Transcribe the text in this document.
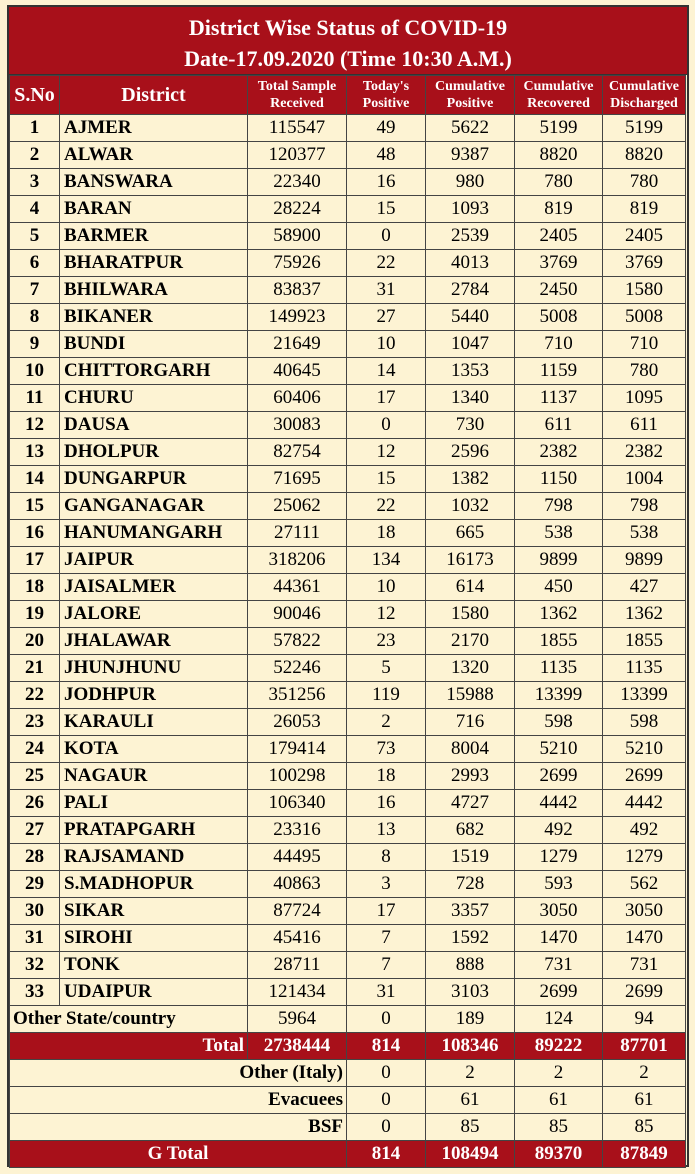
District Wise Status of COVID-19
Date-17.09.2020 (Time 10:30 A.M.)
S.No	District	Total Sample Received	Today's Positive	Cumulative Positive	Cumulative Recovered	Cumulative Discharged
1	AJMER	115547	49	5622	5199	5199
2	ALWAR	120377	48	9387	8820	8820
3	BANSWARA	22340	16	980	780	780
4	BARAN	28224	15	1093	819	819
5	BARMER	58900	0	2539	2405	2405
6	BHARATPUR	75926	22	4013	3769	3769
7	BHILWARA	83837	31	2784	2450	1580
8	BIKANER	149923	27	5440	5008	5008
9	BUNDI	21649	10	1047	710	710
10	CHITTORGARH	40645	14	1353	1159	780
11	CHURU	60406	17	1340	1137	1095
12	DAUSA	30083	0	730	611	611
13	DHOLPUR	82754	12	2596	2382	2382
14	DUNGARPUR	71695	15	1382	1150	1004
15	GANGANAGAR	25062	22	1032	798	798
16	HANUMANGARH	27111	18	665	538	538
17	JAIPUR	318206	134	16173	9899	9899
18	JAISALMER	44361	10	614	450	427
19	JALORE	90046	12	1580	1362	1362
20	JHALAWAR	57822	23	2170	1855	1855
21	JHUNJHUNU	52246	5	1320	1135	1135
22	JODHPUR	351256	119	15988	13399	13399
23	KARAULI	26053	2	716	598	598
24	KOTA	179414	73	8004	5210	5210
25	NAGAUR	100298	18	2993	2699	2699
26	PALI	106340	16	4727	4442	4442
27	PRATAPGARH	23316	13	682	492	492
28	RAJSAMAND	44495	8	1519	1279	1279
29	S.MADHOPUR	40863	3	728	593	562
30	SIKAR	87724	17	3357	3050	3050
31	SIROHI	45416	7	1592	1470	1470
32	TONK	28711	7	888	731	731
33	UDAIPUR	121434	31	3103	2699	2699
Other State/country		5964	0	189	124	94
Total		2738444	814	108346	89222	87701
Other (Italy)			0	2	2	2
Evacuees			0	61	61	61
BSF			0	85	85	85
G Total			814	108494	89370	87849
